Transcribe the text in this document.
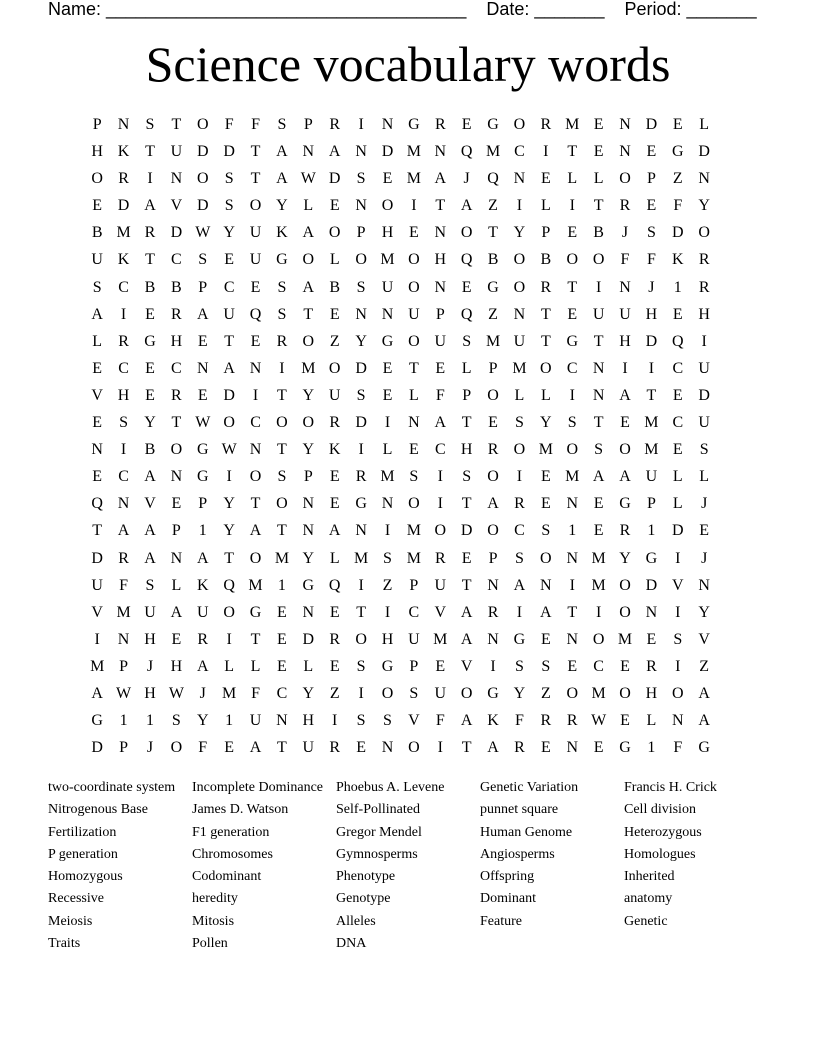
Name: ____________________________________    Date: _______    Period: _______
Science vocabulary words
P	N	S	T O	F	F	S	P	R	I	N G R	E G O R M E N D E	L
H K T U D D T A N A N D M N Q M C	I	T	E N E G D
O R	I	N O	S	T A W D	S	E M A	J	Q N E	L	L O	P	Z N
E D A V D	S	O Y L	E N O	I	T A Z	I	L	I	T	R	E	F	Y
B M R D W Y U K A O	P	H E N O T Y	P	E	B	J	S	D O
U K T	C	S	E U G O L O M O H Q B O B O O	F	F	K R
S	C B B	P	C	E	S	A B	S	U O N E G O R	T	I	N	J	1	R
A	I	E	R A U Q	S	T	E N N U	P	Q Z N T	E U U H E H
L	R G H E	T	E	R O Z Y G O U	S M U T G T H D Q	I
E	C	E	C N A N	I	M O D E	T	E	L	P M O C N	I	I	C U
V H E	R	E D	I	T Y U	S	E	L	F	P	O L	L	I	N A T	E D
E	S	Y T W O C O O R D	I	N A T	E	S	Y	S	T	E M C U
N	I	B O G W N T Y K	I	L	E	C H R O M O	S	O M E	S
E	C A N G	I	O	S	P	E	R M S	I	S	O	I	E M A A U L	L
Q N V E	P	Y T O N E G N O	I	T A R	E N E G	P	L	J
T A A	P	1	Y A T N A N	I	M O D O C	S	1	E	R	1	D E
D R A N A T O M Y L M S M R	E	P	S	O N M Y G	I	J
U	F	S	L K Q M 1	G Q	I	Z	P	U T N A N	I	M O D V N
V M U A U O G E N E	T	I	C V A R	I	A T	I	O N	I	Y
I	N H E	R	I	T	E D R O H U M A N G E N O M E	S	V
M P	J	H A L	L	E	L	E	S	G	P	E V	I	S	S	E	C	E	R	I	Z
A W H W J	M F	C Y Z	I	O	S	U O G Y Z O M O H O A
G	1	1	S	Y	1	U N H	I	S	S	V	F	A K	F	R R W E	L N A
D	P	J	O	F	E A T U R	E N O	I	T A R	E N E G	1	F	G
two-coordinate system
Nitrogenous Base
Fertilization
P generation
Homozygous
Recessive
Meiosis
Traits
Incomplete Dominance
James D. Watson
F1 generation
Chromosomes
Codominant
heredity
Mitosis
Pollen
Phoebus A. Levene
Self-Pollinated
Gregor Mendel
Gymnosperms
Phenotype
Genotype
Alleles
DNA
Genetic Variation
punnet square
Human Genome
Angiosperms
Offspring
Dominant
Feature
Francis H. Crick
Cell division
Heterozygous
Homologues
Inherited
anatomy
Genetic
